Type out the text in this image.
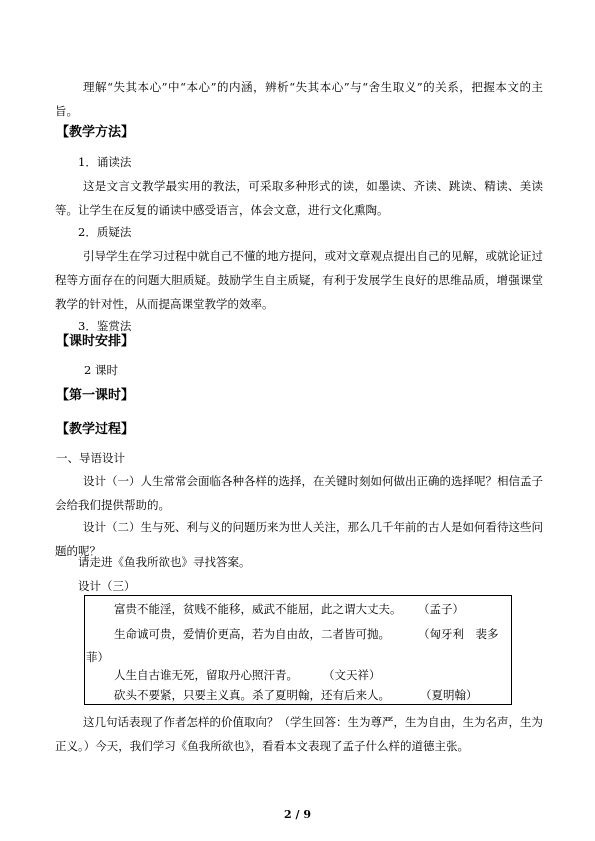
理解“失其本心”中“本心”的内涵，辨析“失其本心”与“舍生取义”的关系，把握本文的主旨。

【教学方法】

1．诵读法

这是文言文教学最实用的教法，可采取多种形式的读，如墨读、齐读、跳读、精读、美读等。让学生在反复的诵读中感受语言，体会文意，进行文化熏陶。

2．质疑法

引导学生在学习过程中就自己不懂的地方提问，或对文章观点提出自己的见解，或就论证过程等方面存在的问题大胆质疑。鼓励学生自主质疑，有利于发展学生良好的思维品质，增强课堂教学的针对性，从而提高课堂教学的效率。

3．鉴赏法

【课时安排】

2 课时

【第一课时】
【教学过程】

一、导语设计

设计（一）人生常常会面临各种各样的选择，在关键时刻如何做出正确的选择呢？相信孟子会给我们提供帮助的。

设计（二）生与死、利与义的问题历来为世人关注，那么几千年前的古人是如何看待这些问题的呢？

请走进《鱼我所欲也》寻找答案。

设计（三）

富贵不能淫，贫贱不能移，威武不能屈，此之谓大丈夫。 （孟子）
生命诚可贵，爱情价更高，若为自由故，二者皆可抛。 （匈牙利　裴多
菲）
人生自古谁无死，留取丹心照汗青。 （文天祥）
砍头不要紧，只要主义真。杀了夏明翰，还有后来人。	（夏明翰）

这几句话表现了作者怎样的价值取向？（学生回答：生为尊严，生为自由，生为名声，生为正义。）今天，我们学习《鱼我所欲也》，看看本文表现了孟子什么样的道德主张。

2 / 9
